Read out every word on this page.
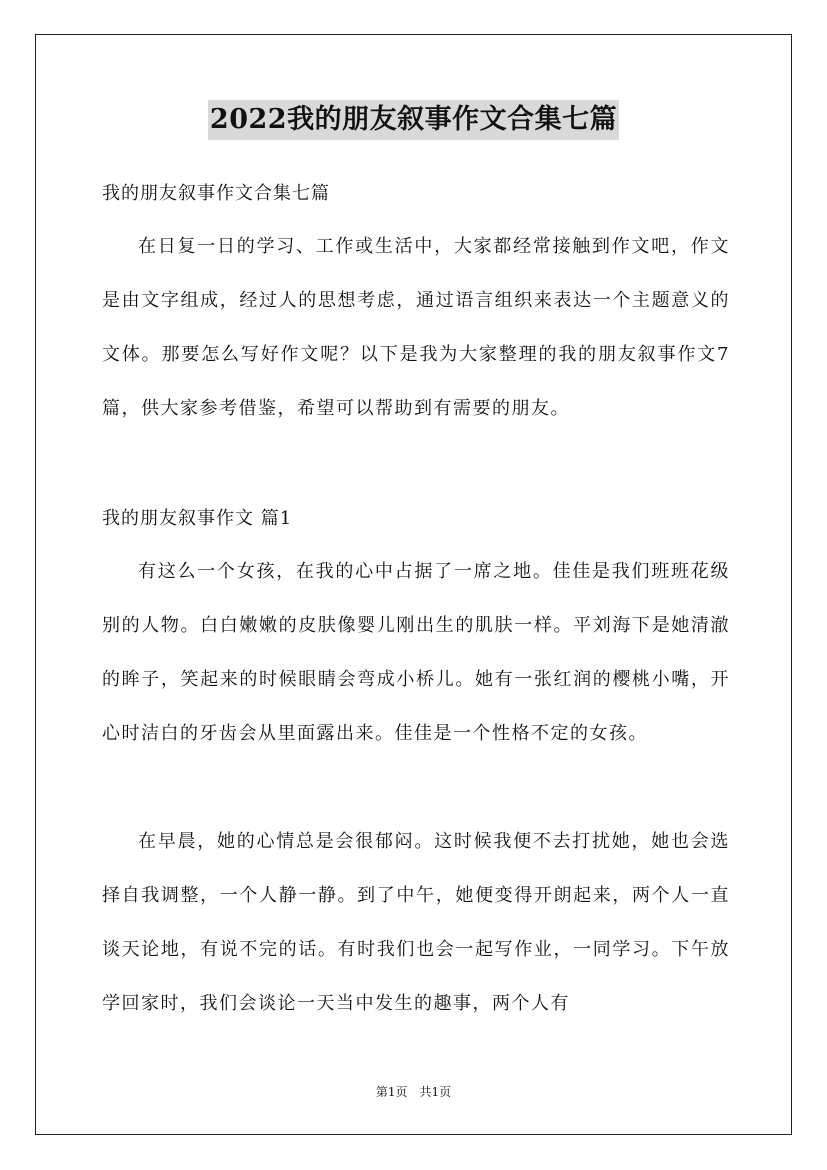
2022我的朋友叙事作文合集七篇
我的朋友叙事作文合集七篇
在日复一日的学习、工作或生活中，大家都经常接触到作文吧，作文是由文字组成，经过人的思想考虑，通过语言组织来表达一个主题意义的文体。那要怎么写好作文呢？以下是我为大家整理的我的朋友叙事作文7篇，供大家参考借鉴，希望可以帮助到有需要的朋友。
我的朋友叙事作文 篇1
有这么一个女孩，在我的心中占据了一席之地。佳佳是我们班班花级别的人物。白白嫩嫩的皮肤像婴儿刚出生的肌肤一样。平刘海下是她清澈的眸子，笑起来的时候眼睛会弯成小桥儿。她有一张红润的樱桃小嘴，开心时洁白的牙齿会从里面露出来。佳佳是一个性格不定的女孩。
在早晨，她的心情总是会很郁闷。这时候我便不去打扰她，她也会选择自我调整，一个人静一静。到了中午，她便变得开朗起来，两个人一直谈天论地，有说不完的话。有时我们也会一起写作业，一同学习。下午放学回家时，我们会谈论一天当中发生的趣事，两个人有
第1页　共1页
